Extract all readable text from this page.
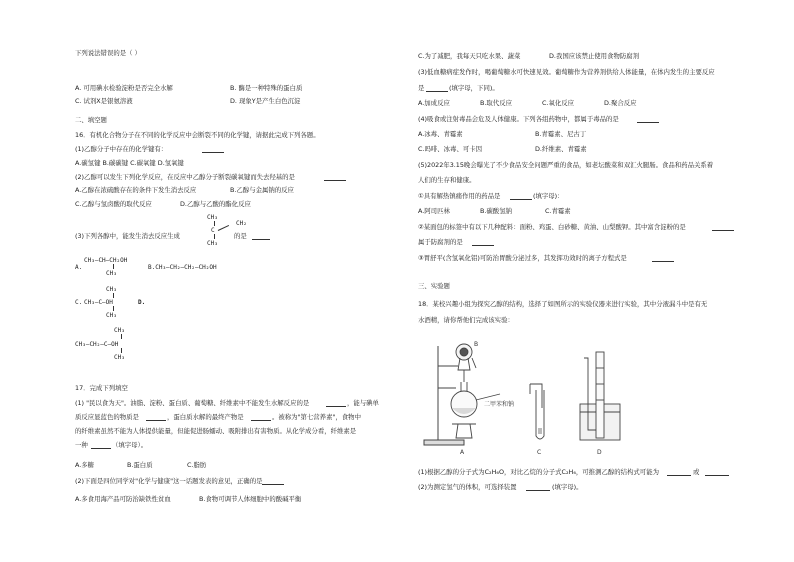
下列说法错误的是（ ）
A. 可用碘水检验淀粉是否完全水解	B. 酶是一种特殊的蛋白质
C. 试剂X是银氨溶液	D. 现象Y是产生白色沉淀
二、填空题
16．有机化合物分子在不同的化学反应中会断裂不同的化学键，请据此完成下列各题。
(1)乙醇分子中存在的化学键有：
A.碳氢键 B.碳碳键 C.碳氧键 D.氢氧键
(2)乙醇可以发生下列化学反应，在反应中乙醇分子断裂碳氧键而失去羟基的是
A.乙醇在浓硫酸存在的条件下发生消去反应	B.乙醇与金属钠的反应
C.乙醇与氢卤酸的取代反应	D.乙醇与乙酸的酯化反应
CH₃
CH₂
C
CH₃
(3)下列各醇中，能发生消去反应生成	的是
A.
CH₃—CH—CH₂OH
CH₃
B.CH₃—CH₂—CH₂—CH₂OH
CH₃
C. CH₃—C—OH
CH₃
D.
CH₃
CH₃—CH₂—C—OH
CH₃
17．完成下列填空
(1) "民以食为天"。油脂、淀粉、蛋白质、葡萄糖、纤维素中不能发生水解反应的是	，能与碘单
质反应显蓝色的物质是	，蛋白质水解的最终产物是	。被称为"第七营养素"，食物中
的纤维素虽然不能为人体提供能量，但能促进肠蠕动、吸附排出有害物质。从化学成分看，纤维素是
一种	（填字母）。
A.多糖	B.蛋白质	C.脂肪
(2)下面是四位同学对"化学与健康"这一话题发表的意见，正确的是
A.多食用海产品可防治缺铁性贫血	B.食物可调节人体细胞中的酸碱平衡
C.为了减肥，我每天只吃水果、蔬菜	D.我国应该禁止使用食物防腐剂
(3)低血糖病症发作时，喝葡萄糖水可快速见效。葡萄糖作为营养剂供给人体能量，在体内发生的主要反应
是	(填字母，下同)。
A.加成反应	B.取代反应	C.氧化反应	D.聚合反应
(4)吸食或注射毒品会危及人体健康。下列各组药物中，都属于毒品的是
A.冰毒、青霉素	B.青霉素、尼古丁
C.吗啡、冰毒、可卡因	D.纤维素、青霉素
(5)2022年3.15晚会曝光了不少食品安全问题严重的食品，如老坛酸菜和双汇火腿肠。食品和药品关系着
人们的生存和健康。
①具有解热镇痛作用的药品是	(填字母)：
A.阿司匹林	B.碳酸氢钠	C.青霉素
②某面包的标签中有以下几种配料：面粉、鸡蛋、白砂糖、黄油、山梨酸钾。其中富含淀粉的是
属于防腐剂的是
③胃舒平(含氢氧化铝)可防治胃酸分泌过多，其发挥功效时的离子方程式是
三、实验题
18．某校兴趣小组为探究乙醇的结构，选择了如图所示的实验仪器来进行实验，其中分液漏斗中是有无
水酒精，请你帮他们完成该实验：
B
二甲苯和钠
A	C	D
(1)根据乙醇的分子式为C₂H₆O，对比乙烷的分子式C₂H₆，可推测乙醇的结构式可能为	或
(2)为测定氢气的体积，可选择装置	(填字母)。
